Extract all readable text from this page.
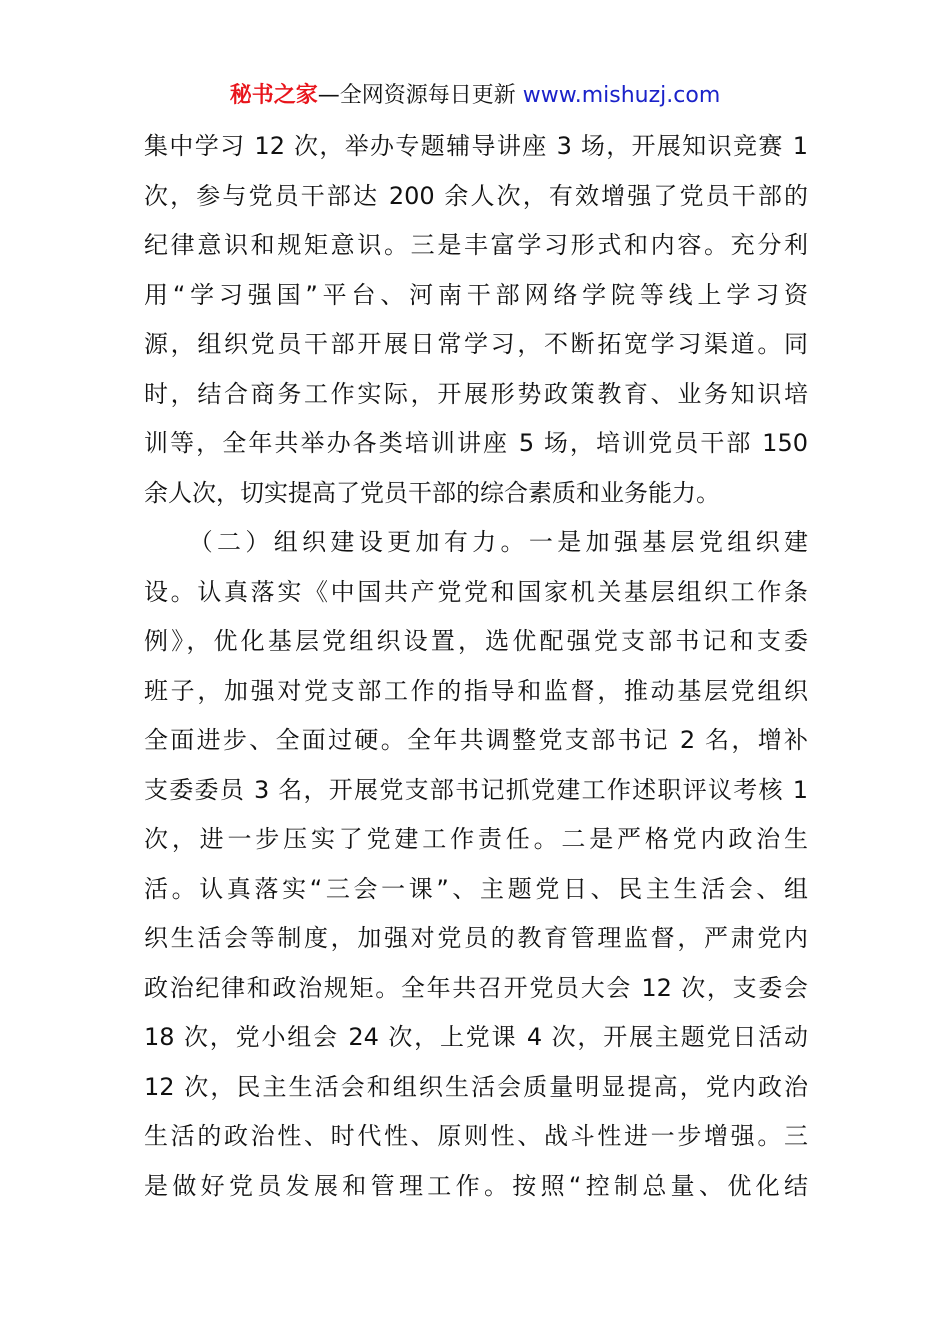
秘书之家—全网资源每日更新 www.mishuzj.com
集中学习 12 次，举办专题辅导讲座 3 场，开展知识竞赛 1
次，参与党员干部达 200 余人次，有效增强了党员干部的
纪律意识和规矩意识。三是丰富学习形式和内容。充分利
用“学习强国”平台、河南干部网络学院等线上学习资
源，组织党员干部开展日常学习，不断拓宽学习渠道。同
时，结合商务工作实际，开展形势政策教育、业务知识培
训等，全年共举办各类培训讲座 5 场，培训党员干部 150
余人次，切实提高了党员干部的综合素质和业务能力。
　　（二）组织建设更加有力。一是加强基层党组织建
设。认真落实《中国共产党党和国家机关基层组织工作条
例》，优化基层党组织设置，选优配强党支部书记和支委
班子，加强对党支部工作的指导和监督，推动基层党组织
全面进步、全面过硬。全年共调整党支部书记 2 名，增补
支委委员 3 名，开展党支部书记抓党建工作述职评议考核 1
次，进一步压实了党建工作责任。二是严格党内政治生
活。认真落实“三会一课”、主题党日、民主生活会、组
织生活会等制度，加强对党员的教育管理监督，严肃党内
政治纪律和政治规矩。全年共召开党员大会 12 次，支委会
18 次，党小组会 24 次，上党课 4 次，开展主题党日活动
12 次，民主生活会和组织生活会质量明显提高，党内政治
生活的政治性、时代性、原则性、战斗性进一步增强。三
是做好党员发展和管理工作。按照“控制总量、优化结
